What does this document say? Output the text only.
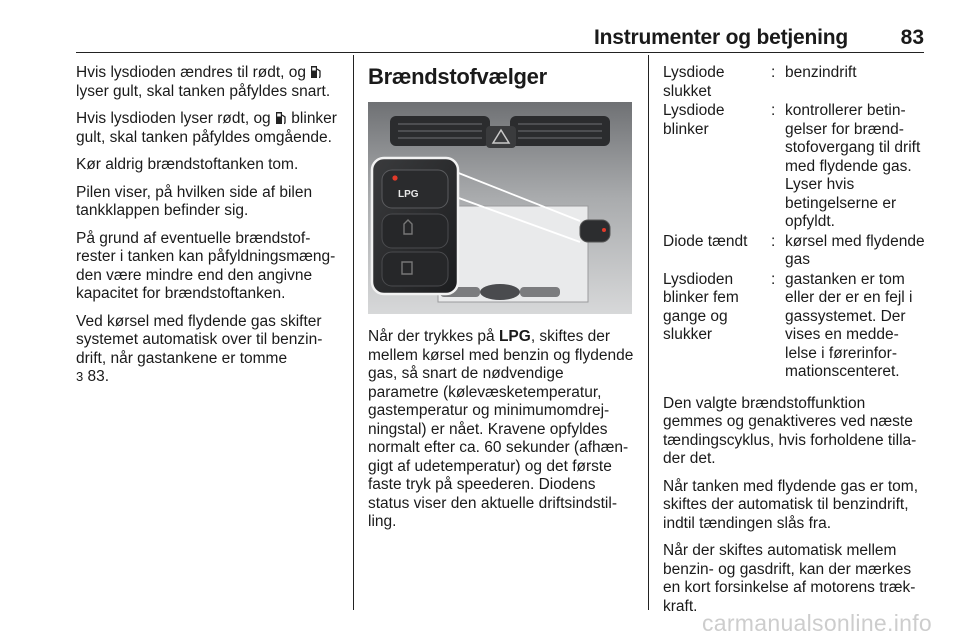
Instrumenter og betjening	83

Hvis lysdioden ændres til rødt, og  lyser gult, skal tanken påfyldes snart.

Hvis lysdioden lyser rødt, og  blinker gult, skal tanken påfyldes omgående.

Kør aldrig brændstoftanken tom.

Pilen viser, på hvilken side af bilen tankklappen befinder sig.

På grund af eventuelle brændstofrester i tanken kan påfyldningsmængden være mindre end den angivne kapacitet for brændstoftanken.

Ved kørsel med flydende gas skifter systemet automatisk over til benzindrift, når gastankene er tomme
3 83.

Brændstofvælger
LPG

Når der trykkes på LPG, skiftes der mellem kørsel med benzin og flydende gas, så snart de nødvendige parametre (kølevæsketemperatur, gastemperatur og minimumomdrejningstal) er nået. Kravene opfyldes normalt efter ca. 60 sekunder (afhængigt af udetemperatur) og det første faste tryk på speederen. Diodens status viser den aktuelle driftsindstilling.

Lysdiode slukket	:	benzindrift
Lysdiode blinker	:	kontrollerer betingelser for brændstofovergang til drift med flydende gas. Lyser hvis betingelserne er opfyldt.
Diode tændt	:	kørsel med flydende gas
Lysdioden blinker fem gange og slukker	:	gastanken er tom eller der er en fejl i gassystemet. Der vises en meddelelse i førerinformationscenteret.

Den valgte brændstoffunktion gemmes og genaktiveres ved næste tændingscyklus, hvis forholdene tillader det.

Når tanken med flydende gas er tom, skiftes der automatisk til benzindrift, indtil tændingen slås fra.

Når der skiftes automatisk mellem benzin- og gasdrift, kan der mærkes en kort forsinkelse af motorens trækkraft.

carmanualsonline.info
